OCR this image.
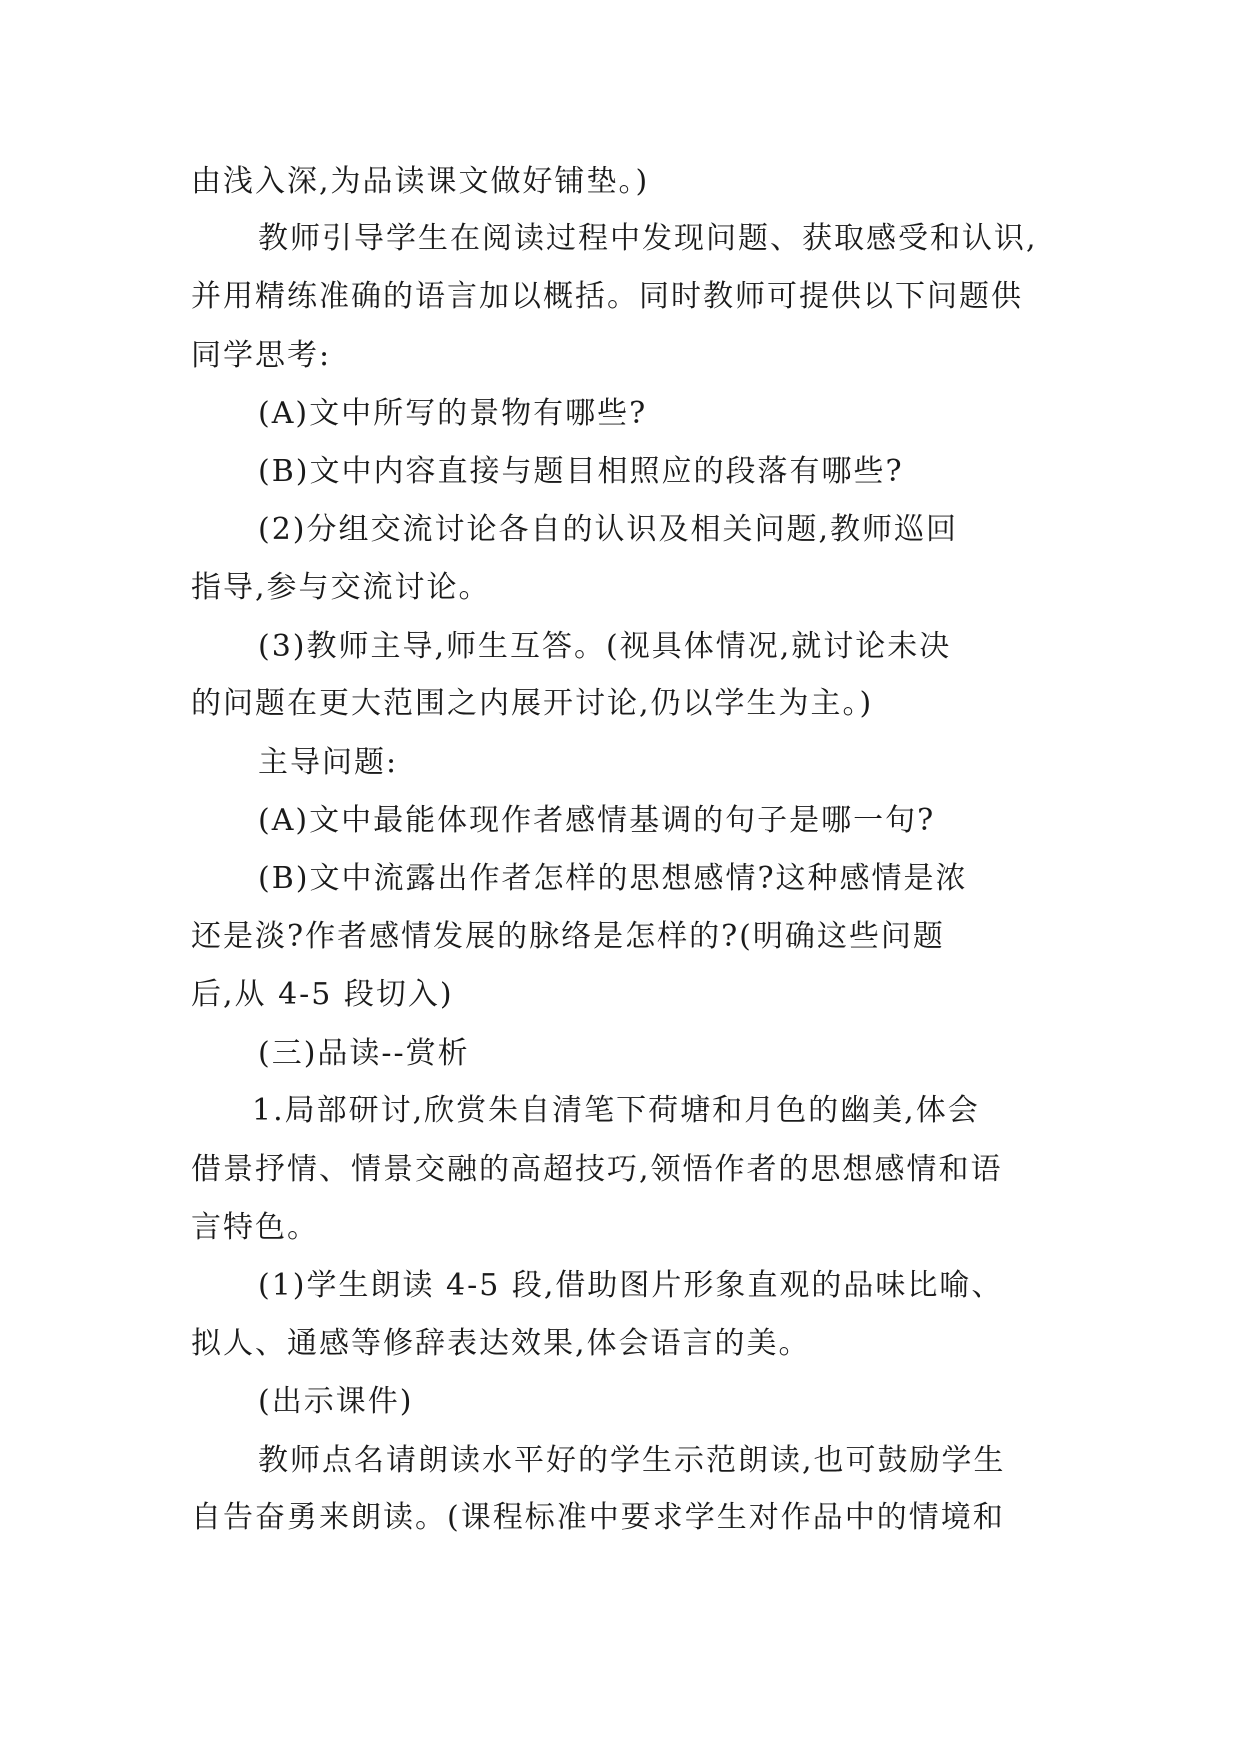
由浅入深,为品读课文做好铺垫。)
教师引导学生在阅读过程中发现问题、获取感受和认识,
并用精练准确的语言加以概括。同时教师可提供以下问题供
同学思考:
(A)文中所写的景物有哪些?
(B)文中内容直接与题目相照应的段落有哪些?
(2)分组交流讨论各自的认识及相关问题,教师巡回
指导,参与交流讨论。
(3)教师主导,师生互答。(视具体情况,就讨论未决
的问题在更大范围之内展开讨论,仍以学生为主。)
主导问题:
(A)文中最能体现作者感情基调的句子是哪一句?
(B)文中流露出作者怎样的思想感情?这种感情是浓
还是淡?作者感情发展的脉络是怎样的?(明确这些问题
后,从 4-5 段切入)
(三)品读--赏析
1.局部研讨,欣赏朱自清笔下荷塘和月色的幽美,体会
借景抒情、情景交融的高超技巧,领悟作者的思想感情和语
言特色。
(1)学生朗读 4-5 段,借助图片形象直观的品味比喻、
拟人、通感等修辞表达效果,体会语言的美。
(出示课件)
教师点名请朗读水平好的学生示范朗读,也可鼓励学生
自告奋勇来朗读。(课程标准中要求学生对作品中的情境和
